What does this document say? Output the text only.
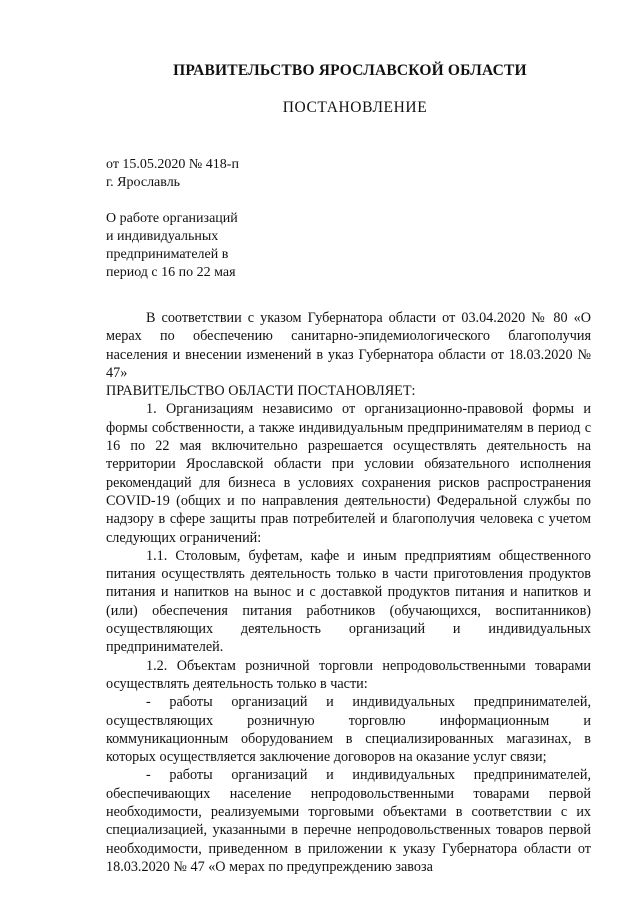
ПРАВИТЕЛЬСТВО ЯРОСЛАВСКОЙ ОБЛАСТИ
ПОСТАНОВЛЕНИЕ
от 15.05.2020 № 418-п
г. Ярославль
О работе организаций
и индивидуальных
предпринимателей в
период с 16 по 22 мая

В соответствии с указом Губернатора области от 03.04.2020 № 80 «О мерах по обеспечению санитарно-эпидемиологического благополучия населения и внесении изменений в указ Губернатора области от 18.03.2020 № 47»

ПРАВИТЕЛЬСТВО ОБЛАСТИ ПОСТАНОВЛЯЕТ:

1. Организациям независимо от организационно-правовой формы и формы собственности, а также индивидуальным предпринимателям в период с 16 по 22 мая включительно разрешается осуществлять деятельность на территории Ярославской области при условии обязательного исполнения рекомендаций для бизнеса в условиях сохранения рисков распространения COVID-19 (общих и по направления деятельности) Федеральной службы по надзору в сфере защиты прав потребителей и благополучия человека с учетом следующих ограничений:

1.1. Столовым, буфетам, кафе и иным предприятиям общественного питания осуществлять деятельность только в части приготовления продуктов питания и напитков на вынос и с доставкой продуктов питания и напитков и (или) обеспечения питания работников (обучающихся, воспитанников) осуществляющих деятельность организаций и индивидуальных предпринимателей.

1.2. Объектам розничной торговли непродовольственными товарами осуществлять деятельность только в части:

- работы организаций и индивидуальных предпринимателей, осуществляющих розничную торговлю информационным и коммуникационным оборудованием в специализированных магазинах, в которых осуществляется заключение договоров на оказание услуг связи;

- работы организаций и индивидуальных предпринимателей, обеспечивающих население непродовольственными товарами первой необходимости, реализуемыми торговыми объектами в соответствии с их специализацией, указанными в перечне непродовольственных товаров первой необходимости, приведенном в приложении к указу Губернатора области от 18.03.2020 № 47 «О мерах по предупреждению завоза
